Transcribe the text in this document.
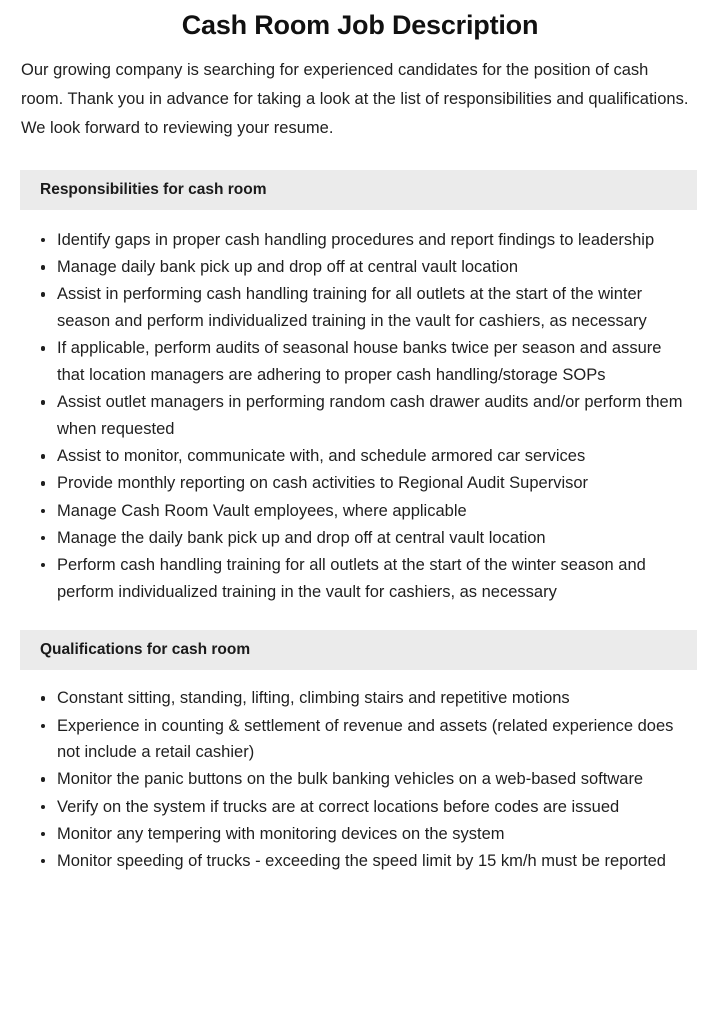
Cash Room Job Description

Our growing company is searching for experienced candidates for the position of cash room. Thank you in advance for taking a look at the list of responsibilities and qualifications. We look forward to reviewing your resume.

Responsibilities for cash room
Identify gaps in proper cash handling procedures and report findings to leadership
Manage daily bank pick up and drop off at central vault location
Assist in performing cash handling training for all outlets at the start of the winter season and perform individualized training in the vault for cashiers, as necessary
If applicable, perform audits of seasonal house banks twice per season and assure that location managers are adhering to proper cash handling/storage SOPs
Assist outlet managers in performing random cash drawer audits and/or perform them when requested
Assist to monitor, communicate with, and schedule armored car services
Provide monthly reporting on cash activities to Regional Audit Supervisor
Manage Cash Room Vault employees, where applicable
Manage the daily bank pick up and drop off at central vault location
Perform cash handling training for all outlets at the start of the winter season and perform individualized training in the vault for cashiers, as necessary
Qualifications for cash room
Constant sitting, standing, lifting, climbing stairs and repetitive motions
Experience in counting & settlement of revenue and assets (related experience does not include a retail cashier)
Monitor the panic buttons on the bulk banking vehicles on a web-based software
Verify on the system if trucks are at correct locations before codes are issued
Monitor any tempering with monitoring devices on the system
Monitor speeding of trucks - exceeding the speed limit by 15 km/h must be reported
